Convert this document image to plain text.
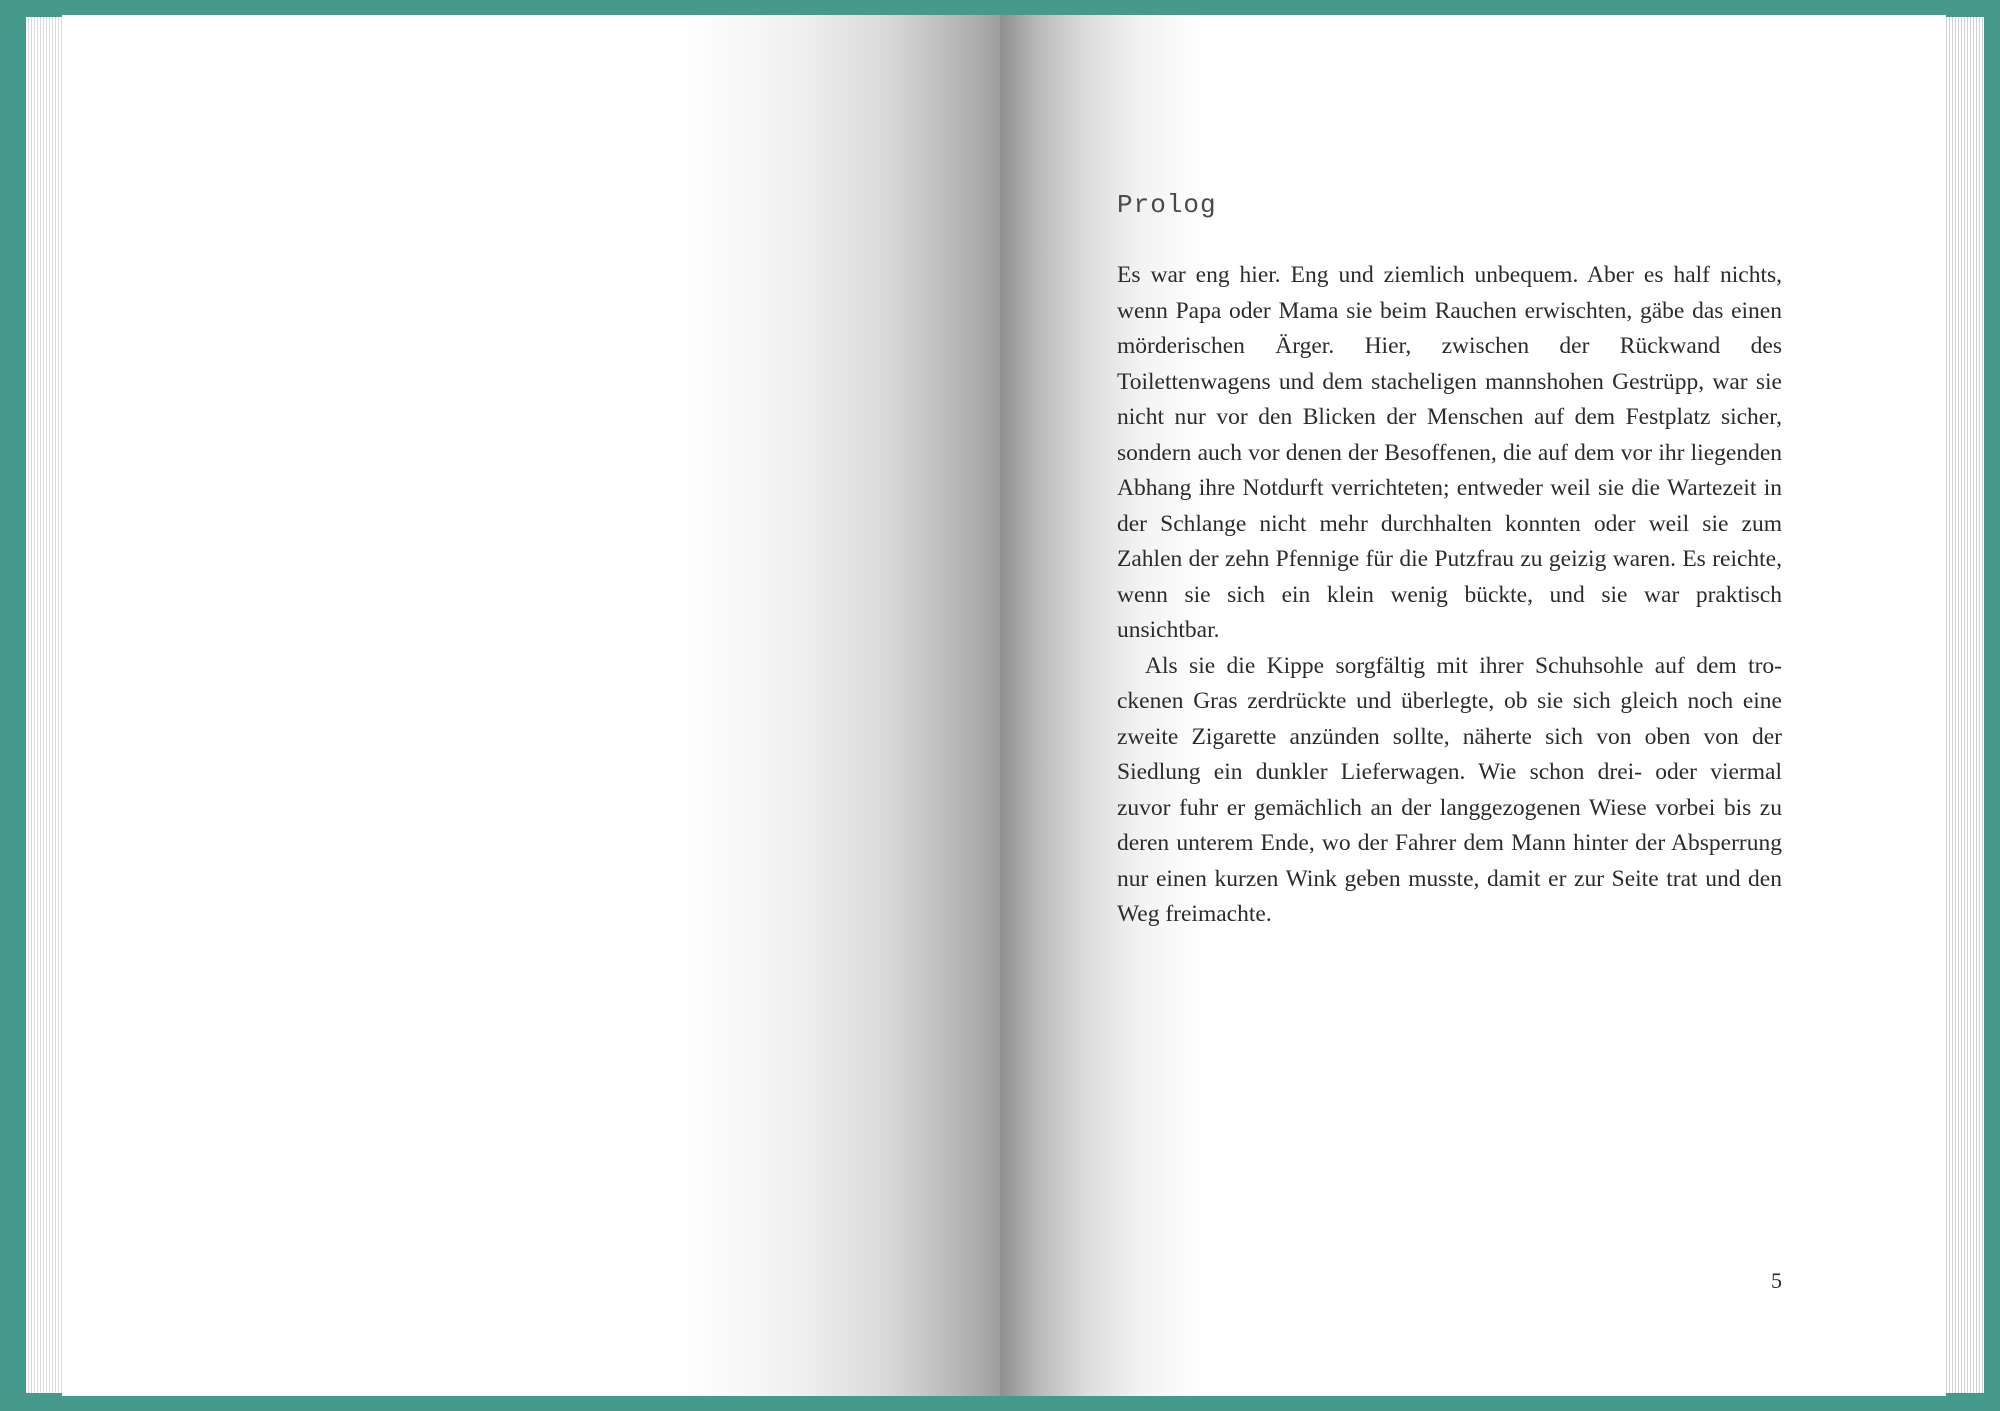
Prolog

Es war eng hier. Eng und ziemlich unbequem. Aber es half nichts, wenn Papa oder Mama sie beim Rauchen erwischten, gäbe das einen mörderischen Ärger. Hier, zwischen der Rückwand des Toilettenwagens und dem stacheligen mannshohen Gestrüpp, war sie nicht nur vor den Blicken der Menschen auf dem Festplatz sicher, sondern auch vor denen der Besoffenen, die auf dem vor ihr liegenden Abhang ihre Notdurft verrichteten; entweder weil sie die Wartezeit in der Schlange nicht mehr durchhalten konnten oder weil sie zum Zahlen der zehn Pfennige für die Putzfrau zu geizig waren. Es reichte, wenn sie sich ein klein wenig bückte, und sie war praktisch unsichtbar.

Als sie die Kippe sorgfältig mit ihrer Schuhsohle auf dem trockenen Gras zerdrückte und überlegte, ob sie sich gleich noch eine zweite Zigarette anzünden sollte, näherte sich von oben von der Siedlung ein dunkler Lieferwagen. Wie schon drei- oder viermal zuvor fuhr er gemächlich an der langgezogenen Wiese vorbei bis zu deren unterem Ende, wo der Fahrer dem Mann hinter der Absperrung nur einen kurzen Wink geben musste, damit er zur Seite trat und den Weg freimachte.

5
